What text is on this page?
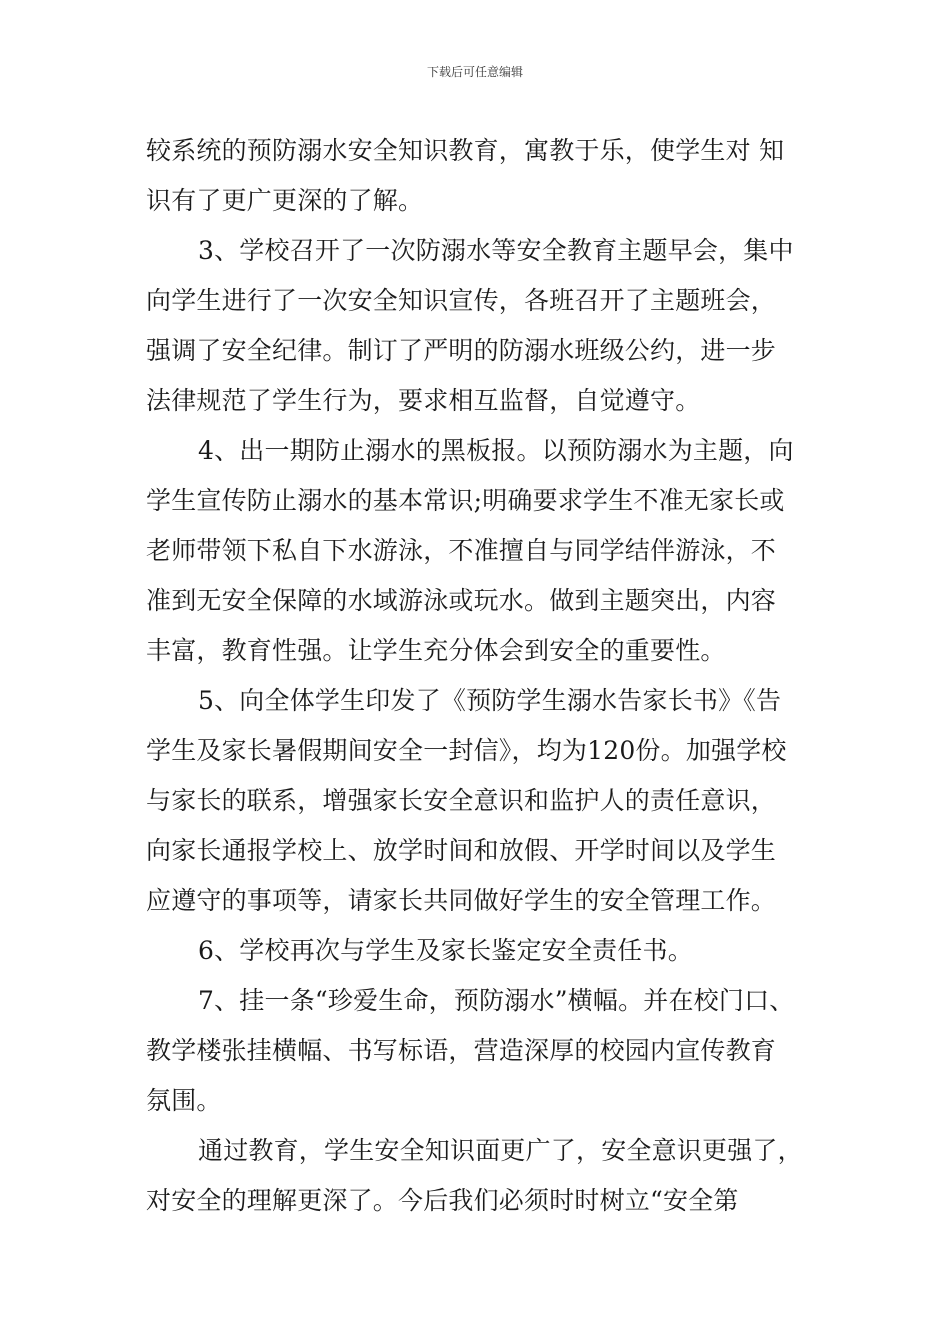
下载后可任意编辑
较系统的预防溺水安全知识教育，寓教于乐，使学生对 知
识有了更广更深的了解。
3、学校召开了一次防溺水等安全教育主题早会，集中
向学生进行了一次安全知识宣传，各班召开了主题班会，
强调了安全纪律。制订了严明的防溺水班级公约，进一步
法律规范了学生行为，要求相互监督，自觉遵守。
4、出一期防止溺水的黑板报。以预防溺水为主题，向
学生宣传防止溺水的基本常识;明确要求学生不准无家长或
老师带领下私自下水游泳，不准擅自与同学结伴游泳，不
准到无安全保障的水域游泳或玩水。做到主题突出，内容
丰富，教育性强。让学生充分体会到安全的重要性。
5、向全体学生印发了《预防学生溺水告家长书》《告
学生及家长暑假期间安全一封信》，均为120份。加强学校
与家长的联系，增强家长安全意识和监护人的责任意识，
向家长通报学校上、放学时间和放假、开学时间以及学生
应遵守的事项等，请家长共同做好学生的安全管理工作。
6、学校再次与学生及家长鉴定安全责任书。
7、挂一条“珍爱生命，预防溺水”横幅。并在校门口、
教学楼张挂横幅、书写标语，营造深厚的校园内宣传教育
氛围。
通过教育，学生安全知识面更广了，安全意识更强了，
对安全的理解更深了。今后我们必须时时树立“安全第
